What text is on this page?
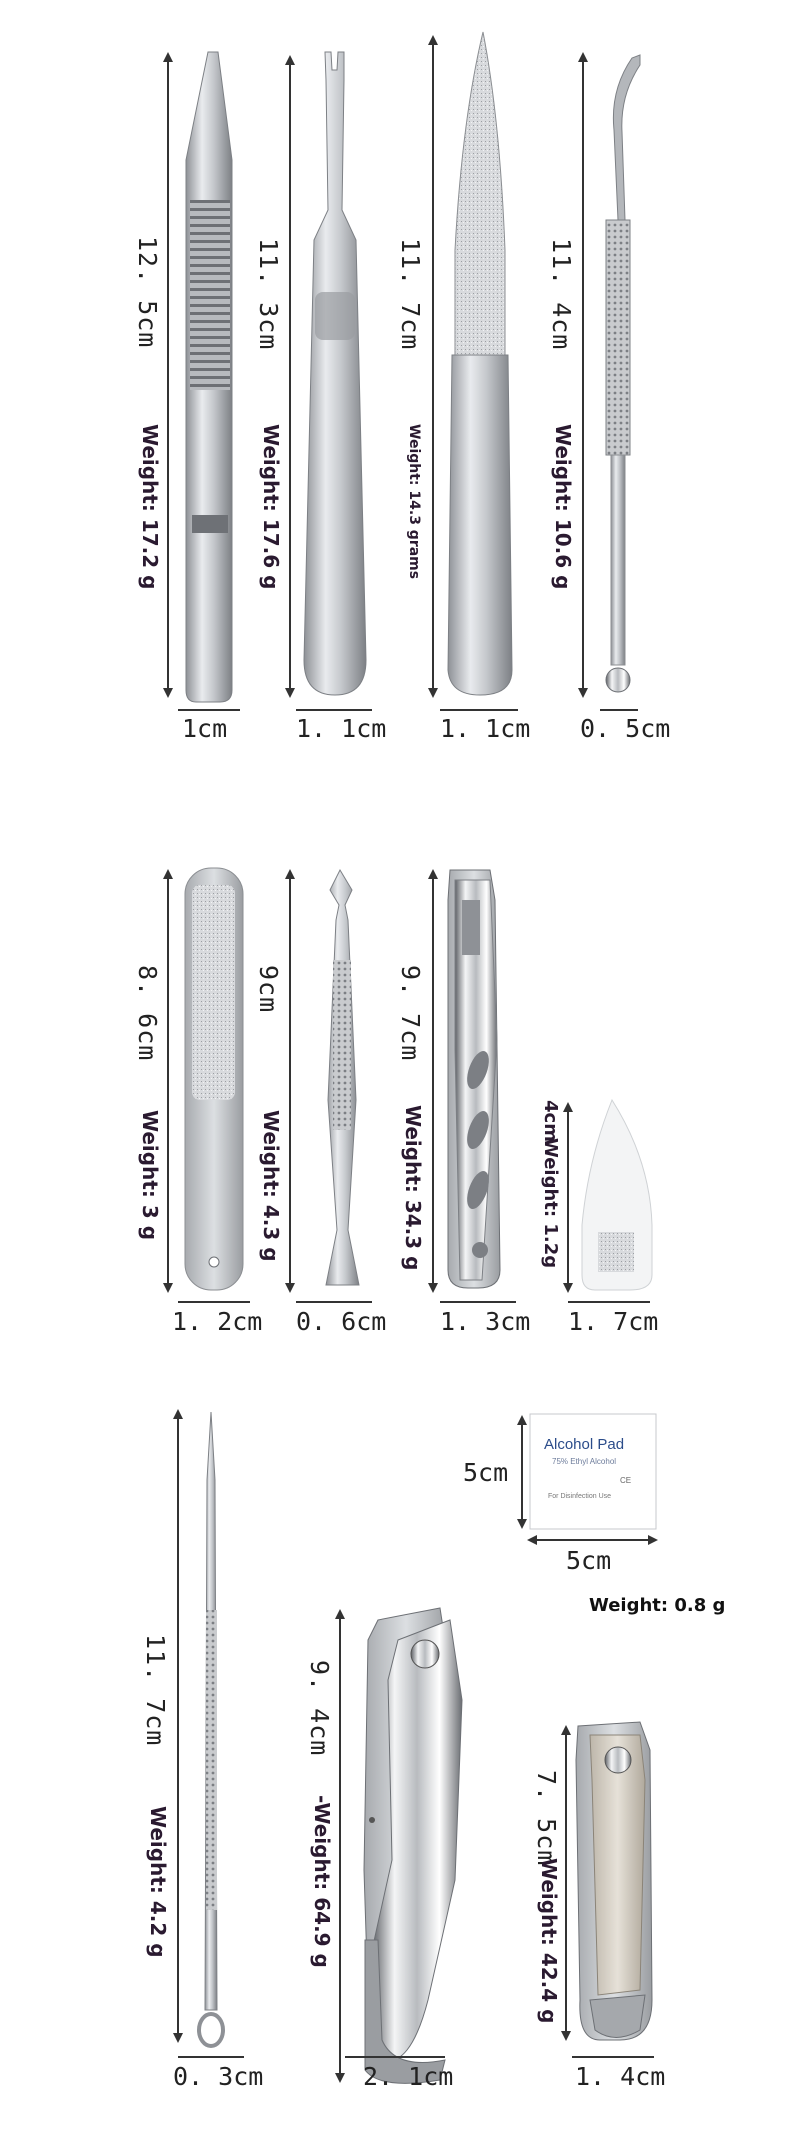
12. 5cm
Weight: 17.2 g
1cm
11. 3cm
Weight: 17.6 g
1. 1cm
11. 7cm
Weight: 14.3 grams
1. 1cm
11. 4cm
Weight: 10.6 g
0. 5cm
8. 6cm
Weight: 3 g
1. 2cm
9cm
Weight: 4.3 g
0. 6cm
9. 7cm
Weight: 34.3 g
1. 3cm
4cm
Weight: 1.2g
1. 7cm
11. 7cm
Weight: 4.2 g
0. 3cm
9. 4cm
-Weight: 64.9 g
2. 1cm
7. 5cm
Weight: 42.4 g
1. 4cm
Alcohol Pad
75% Ethyl Alcohol
CE
For Disinfection Use
5cm
5cm
Weight: 0.8 g
